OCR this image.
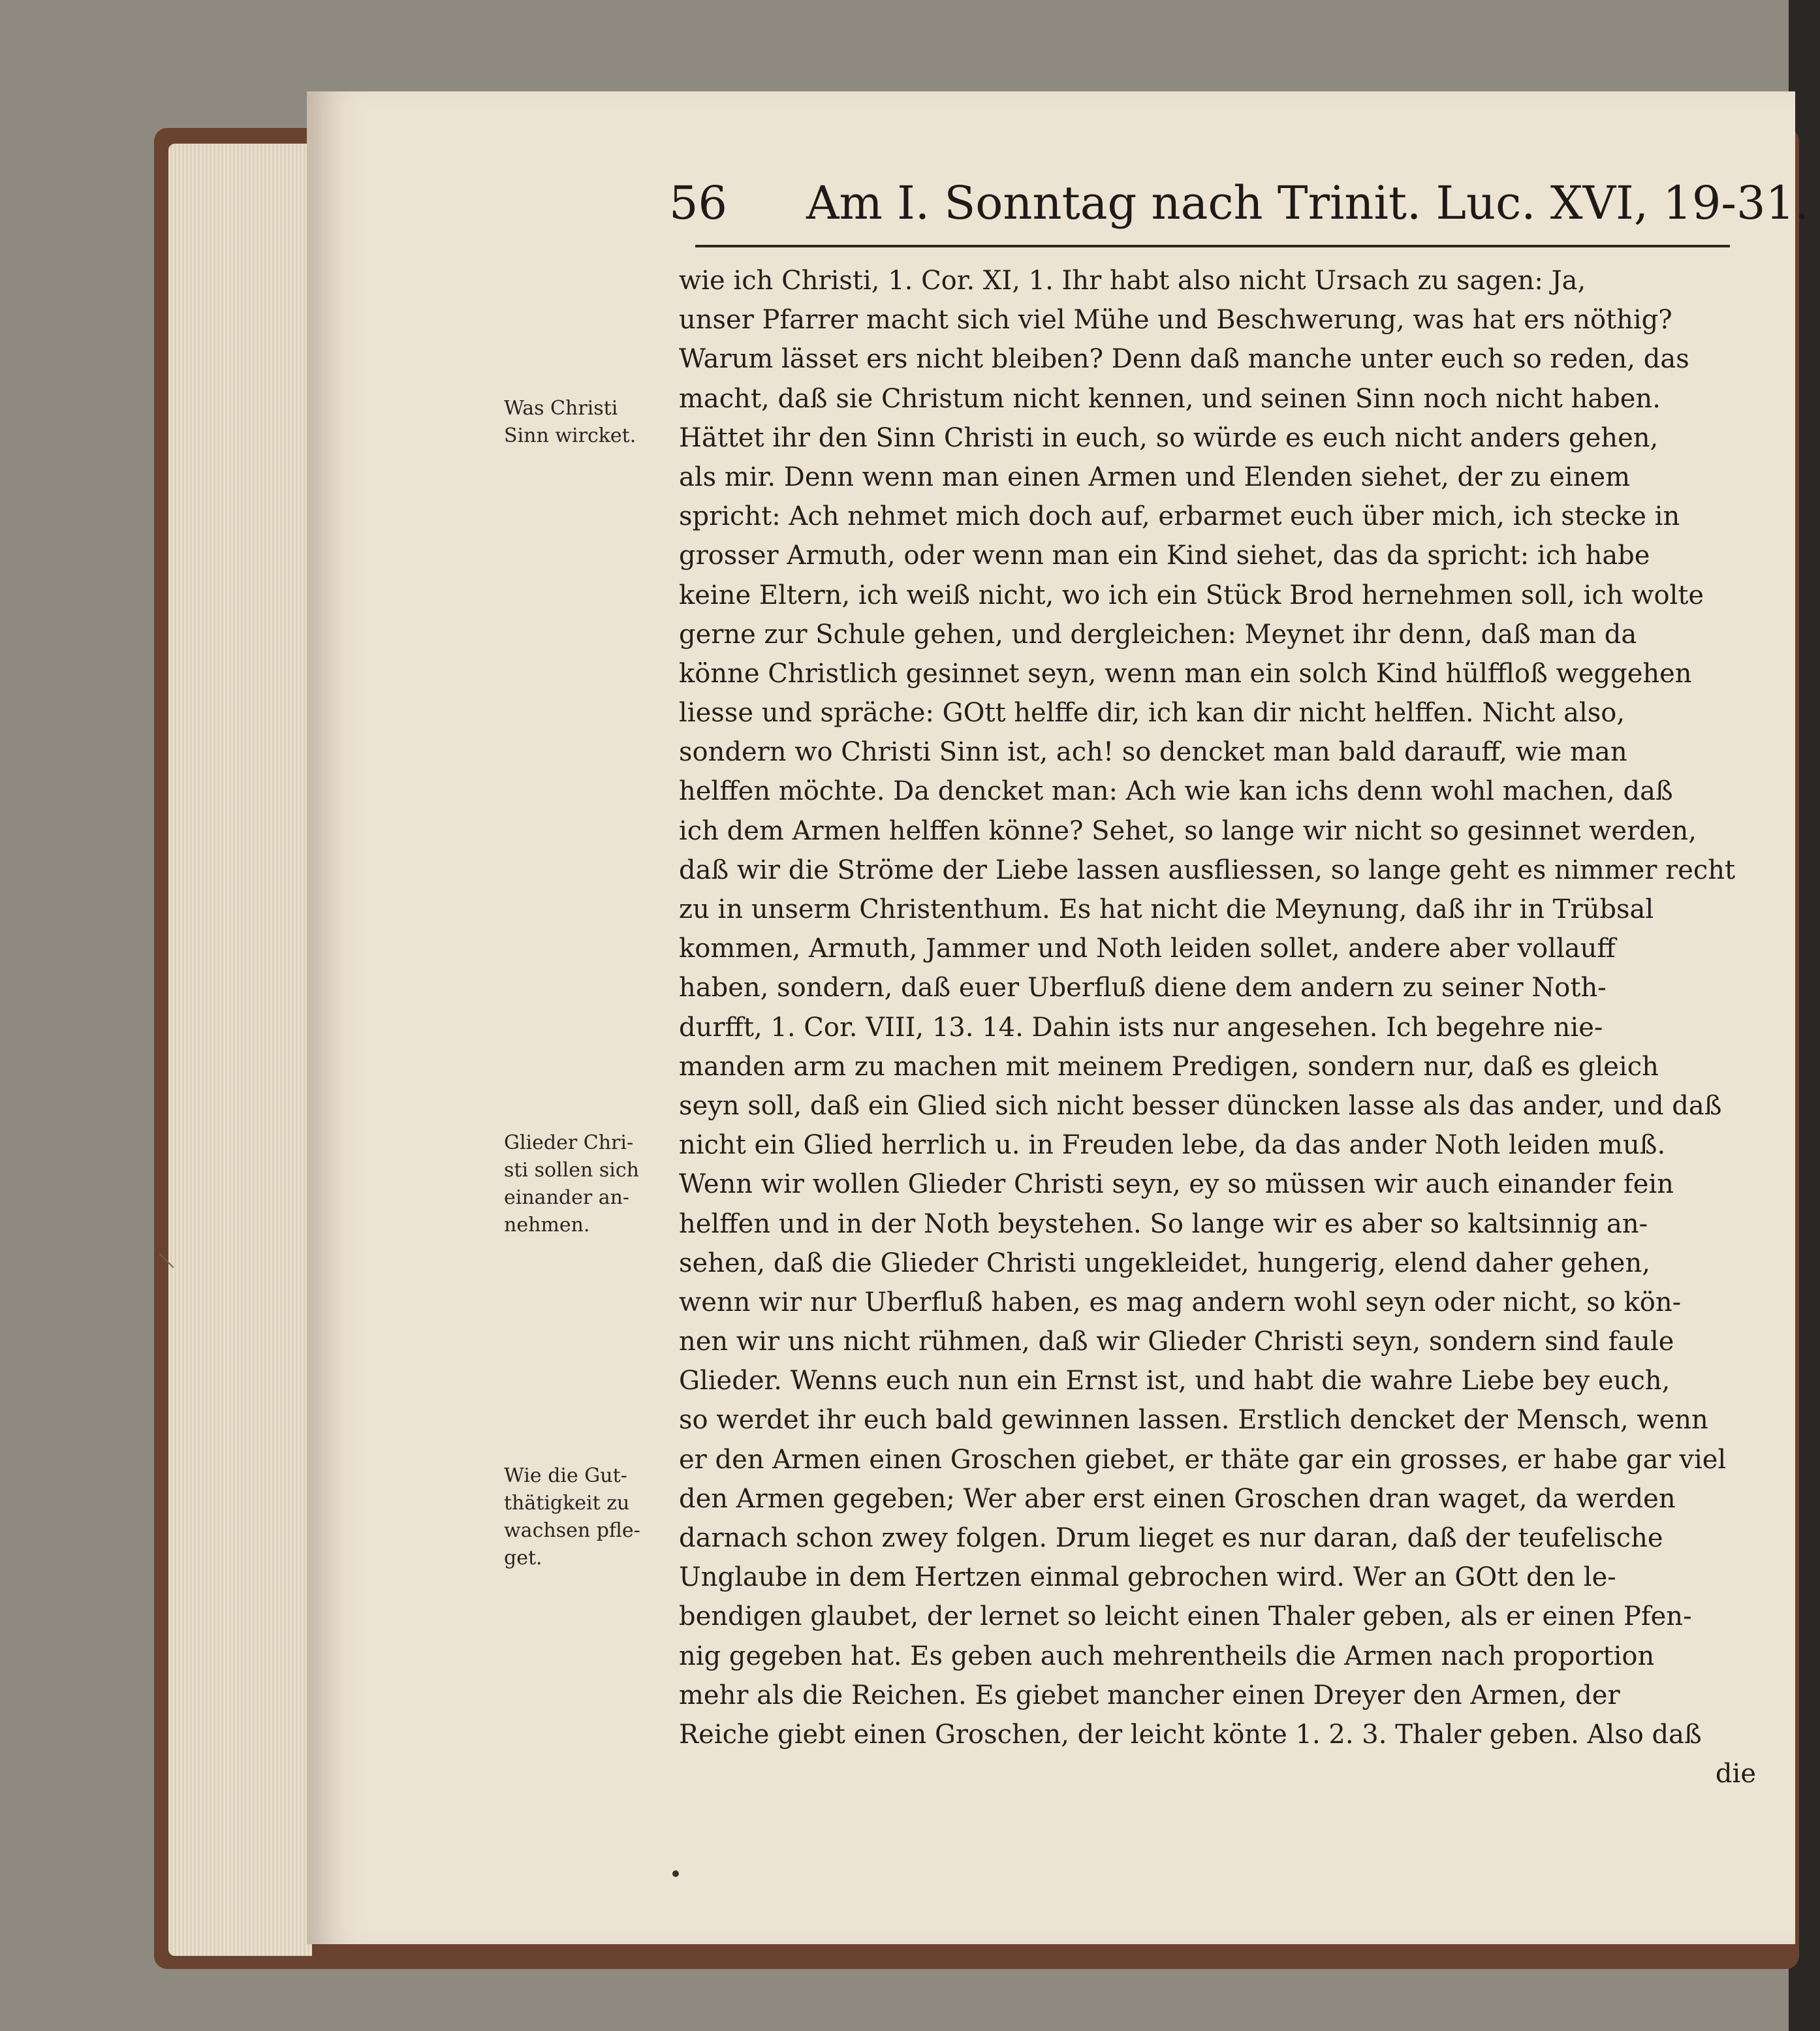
56 Am I. Sonntag nach Trinit. Luc. XVI, 19-31.
wie ich Christi, 1. Cor. XI, 1. Ihr habt also nicht Ursach zu sagen: Ja,
unser Pfarrer macht sich viel Mühe und Beschwerung, was hat ers nöthig?
Warum lässet ers nicht bleiben? Denn daß manche unter euch so reden, das
macht, daß sie Christum nicht kennen, und seinen Sinn noch nicht haben.
Hättet ihr den Sinn Christi in euch, so würde es euch nicht anders gehen,
als mir. Denn wenn man einen Armen und Elenden siehet, der zu einem
spricht: Ach nehmet mich doch auf, erbarmet euch über mich, ich stecke in
grosser Armuth, oder wenn man ein Kind siehet, das da spricht: ich habe
keine Eltern, ich weiß nicht, wo ich ein Stück Brod hernehmen soll, ich wolte
gerne zur Schule gehen, und dergleichen: Meynet ihr denn, daß man da
könne Christlich gesinnet seyn, wenn man ein solch Kind hülffloß weggehen
liesse und spräche: GOtt helffe dir, ich kan dir nicht helffen. Nicht also,
sondern wo Christi Sinn ist, ach! so dencket man bald darauff, wie man
helffen möchte. Da dencket man: Ach wie kan ichs denn wohl machen, daß
ich dem Armen helffen könne? Sehet, so lange wir nicht so gesinnet werden,
daß wir die Ströme der Liebe lassen ausfliessen, so lange geht es nimmer recht
zu in unserm Christenthum. Es hat nicht die Meynung, daß ihr in Trübsal
kommen, Armuth, Jammer und Noth leiden sollet, andere aber vollauff
haben, sondern, daß euer Uberfluß diene dem andern zu seiner Noth-
durfft, 1. Cor. VIII, 13. 14. Dahin ists nur angesehen. Ich begehre nie-
manden arm zu machen mit meinem Predigen, sondern nur, daß es gleich
seyn soll, daß ein Glied sich nicht besser düncken lasse als das ander, und daß
nicht ein Glied herrlich u. in Freuden lebe, da das ander Noth leiden muß.
Wenn wir wollen Glieder Christi seyn, ey so müssen wir auch einander fein
helffen und in der Noth beystehen. So lange wir es aber so kaltsinnig an-
sehen, daß die Glieder Christi ungekleidet, hungerig, elend daher gehen,
wenn wir nur Uberfluß haben, es mag andern wohl seyn oder nicht, so kön-
nen wir uns nicht rühmen, daß wir Glieder Christi seyn, sondern sind faule
Glieder. Wenns euch nun ein Ernst ist, und habt die wahre Liebe bey euch,
so werdet ihr euch bald gewinnen lassen. Erstlich dencket der Mensch, wenn
er den Armen einen Groschen giebet, er thäte gar ein grosses, er habe gar viel
den Armen gegeben; Wer aber erst einen Groschen dran waget, da werden
darnach schon zwey folgen. Drum lieget es nur daran, daß der teufelische
Unglaube in dem Hertzen einmal gebrochen wird. Wer an GOtt den le-
bendigen glaubet, der lernet so leicht einen Thaler geben, als er einen Pfen-
nig gegeben hat. Es geben auch mehrentheils die Armen nach proportion
mehr als die Reichen. Es giebet mancher einen Dreyer den Armen, der
Reiche giebt einen Groschen, der leicht könte 1. 2. 3. Thaler geben. Also daß
die
Was Christi
Sinn wircket.
Glieder Chri-
sti sollen sich
einander an-
nehmen.
Wie die Gut-
thätigkeit zu
wachsen pfle-
get.
